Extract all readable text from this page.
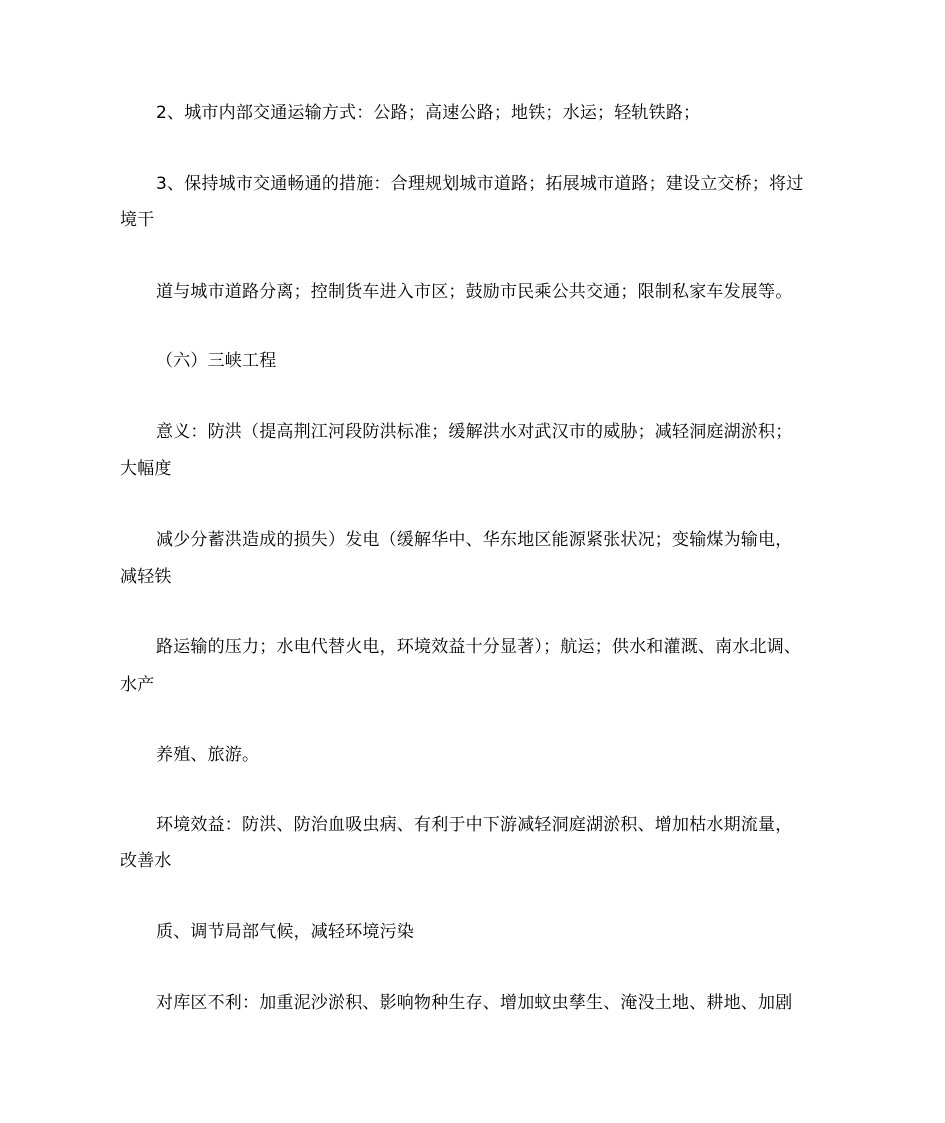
2、城市内部交通运输方式：公路；高速公路；地铁；水运；轻轨铁路；
3、保持城市交通畅通的措施：合理规划城市道路；拓展城市道路；建设立交桥；将过
境干
道与城市道路分离；控制货车进入市区；鼓励市民乘公共交通；限制私家车发展等。
（六）三峡工程
意义：防洪（提高荆江河段防洪标准；缓解洪水对武汉市的威胁；减轻洞庭湖淤积；
大幅度
减少分蓄洪造成的损失）发电（缓解华中、华东地区能源紧张状况；变输煤为输电，
减轻铁
路运输的压力；水电代替火电，环境效益十分显著）；航运；供水和灌溉、南水北调、
水产
养殖、旅游。
环境效益：防洪、防治血吸虫病、有利于中下游减轻洞庭湖淤积、增加枯水期流量，
改善水
质、调节局部气候，减轻环境污染
对库区不利：加重泥沙淤积、影响物种生存、增加蚊虫孳生、淹没土地、耕地、加剧
